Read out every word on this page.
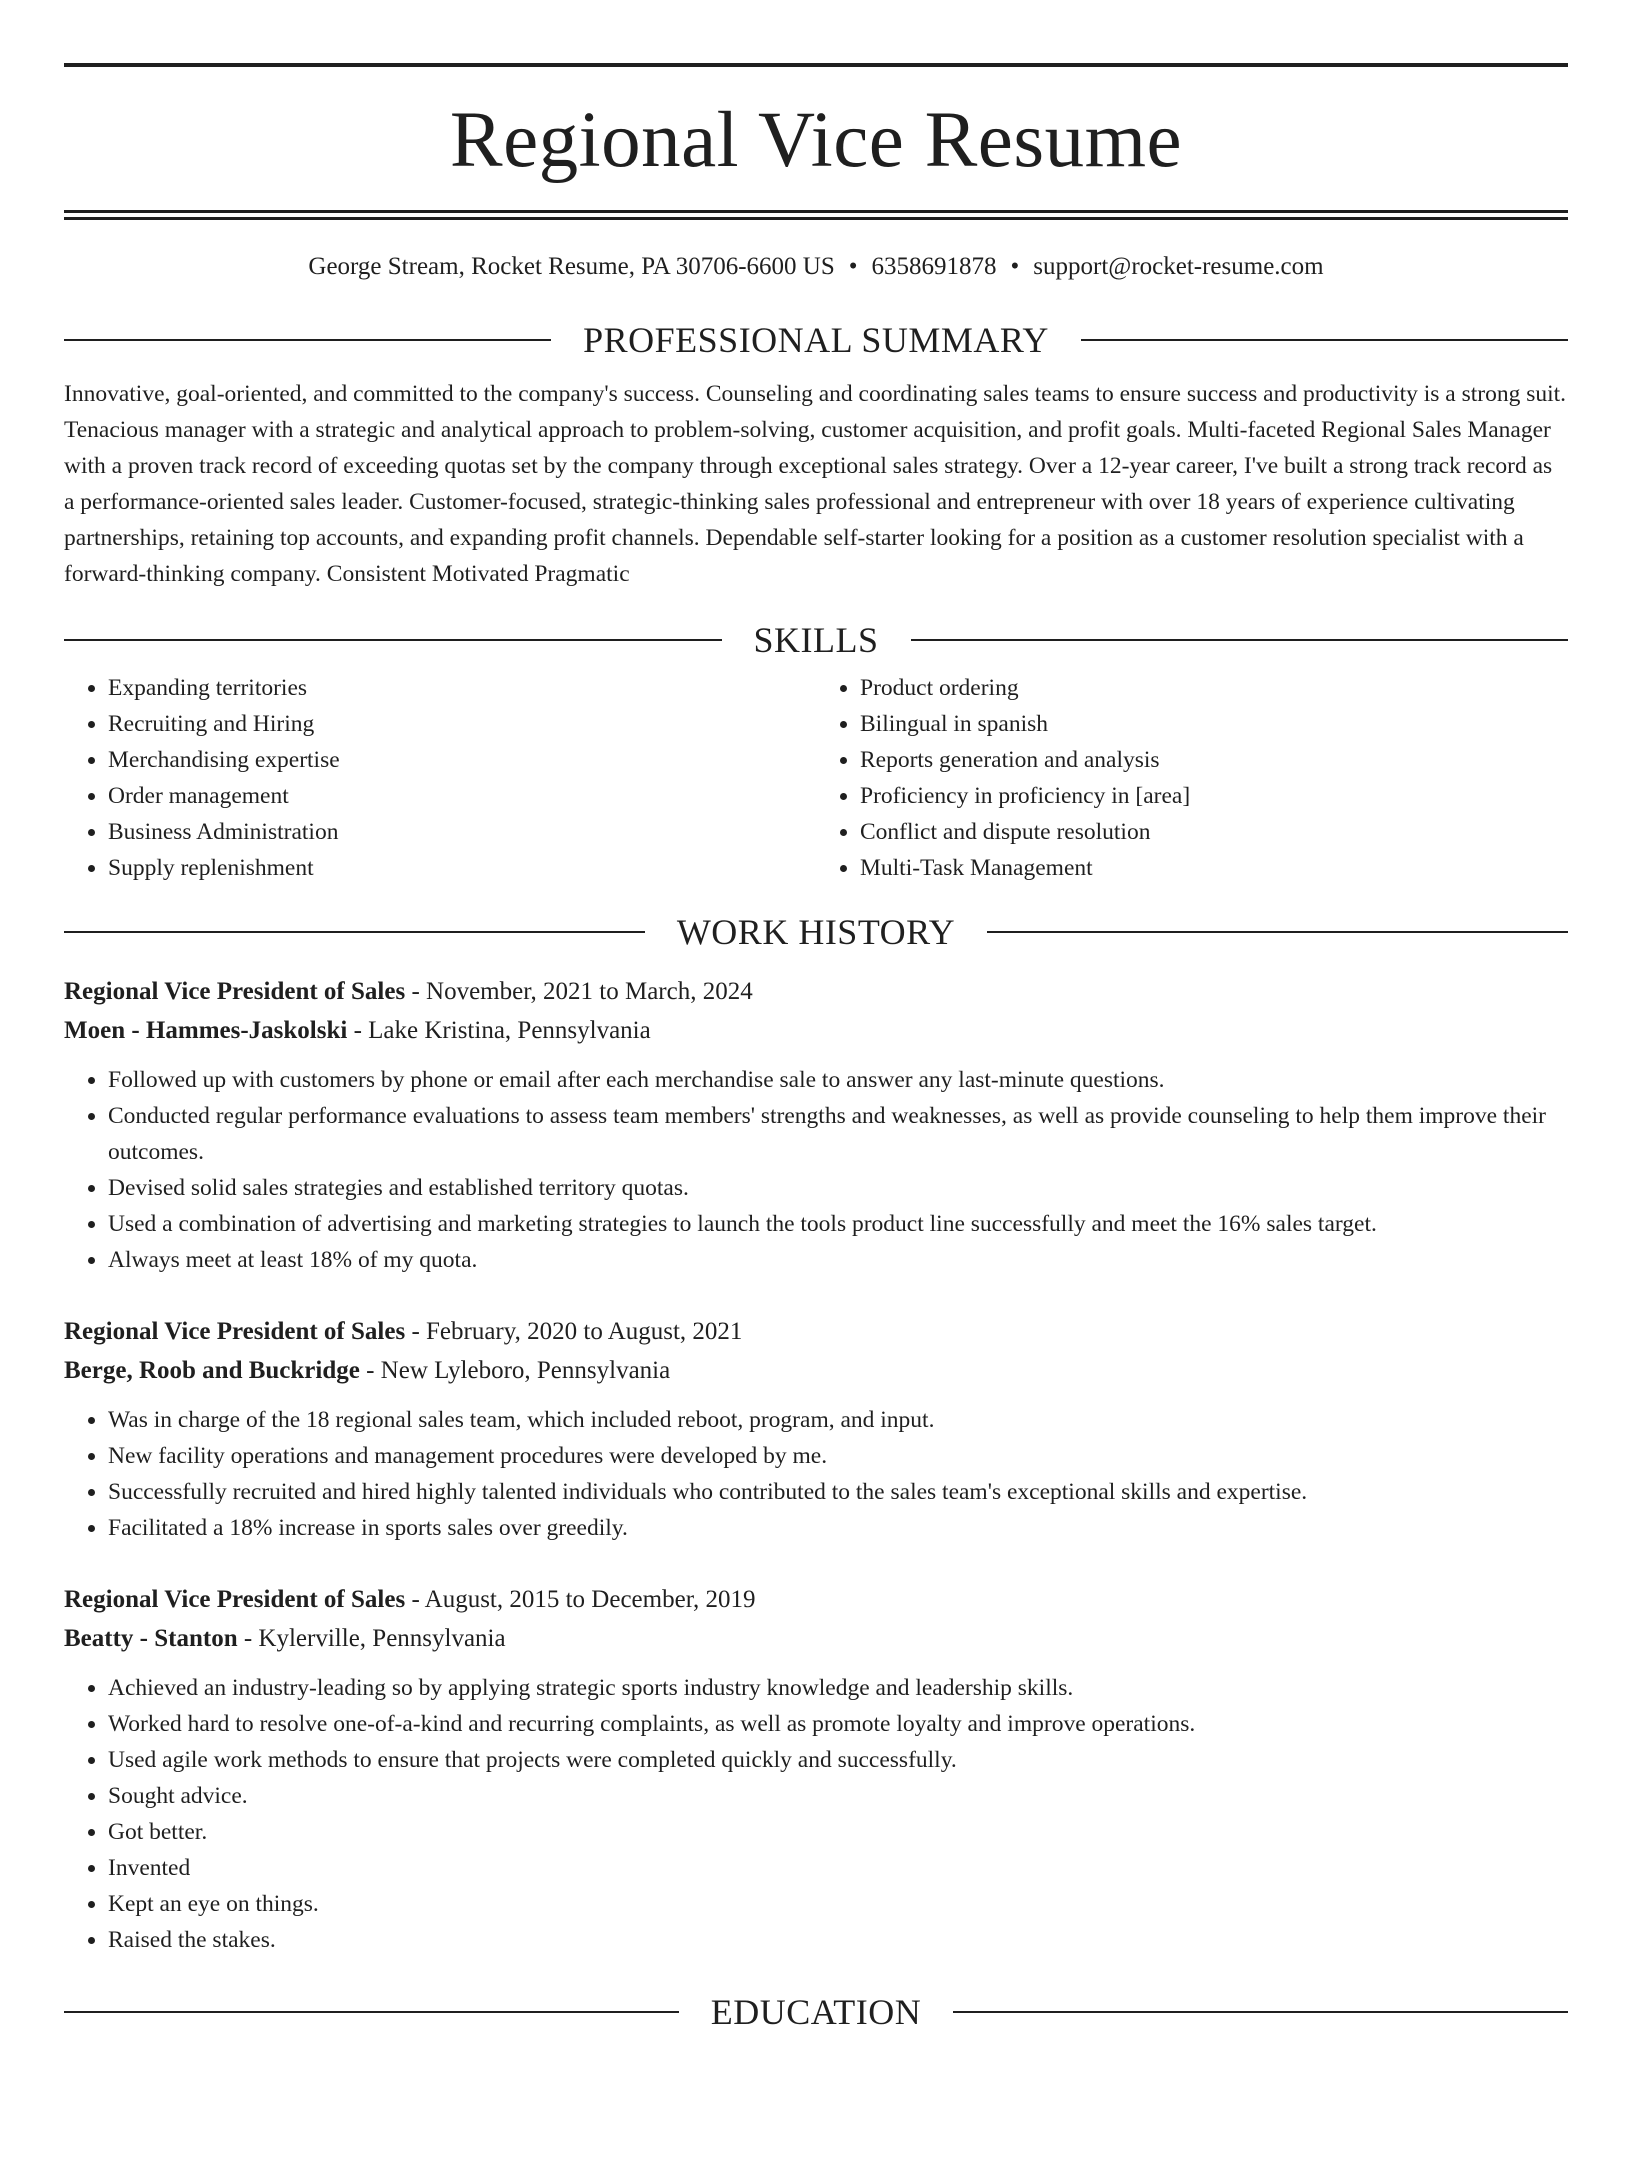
Regional Vice Resume
George Stream, Rocket Resume, PA 30706-6600 US • 6358691878 • support@rocket-resume.com
PROFESSIONAL SUMMARY
Innovative, goal-oriented, and committed to the company's success. Counseling and coordinating sales teams to ensure success and productivity is a strong suit. Tenacious manager with a strategic and analytical approach to problem-solving, customer acquisition, and profit goals. Multi-faceted Regional Sales Manager with a proven track record of exceeding quotas set by the company through exceptional sales strategy. Over a 12-year career, I've built a strong track record as a performance-oriented sales leader. Customer-focused, strategic-thinking sales professional and entrepreneur with over 18 years of experience cultivating partnerships, retaining top accounts, and expanding profit channels. Dependable self-starter looking for a position as a customer resolution specialist with a forward-thinking company. Consistent Motivated Pragmatic
SKILLS
• Expanding territories
• Recruiting and Hiring
• Merchandising expertise
• Order management
• Business Administration
• Supply replenishment
• Product ordering
• Bilingual in spanish
• Reports generation and analysis
• Proficiency in proficiency in [area]
• Conflict and dispute resolution
• Multi-Task Management
WORK HISTORY
Regional Vice President of Sales - November, 2021 to March, 2024
Moen - Hammes-Jaskolski - Lake Kristina, Pennsylvania
• Followed up with customers by phone or email after each merchandise sale to answer any last-minute questions.
• Conducted regular performance evaluations to assess team members' strengths and weaknesses, as well as provide counseling to help them improve their outcomes.
• Devised solid sales strategies and established territory quotas.
• Used a combination of advertising and marketing strategies to launch the tools product line successfully and meet the 16% sales target.
• Always meet at least 18% of my quota.
Regional Vice President of Sales - February, 2020 to August, 2021
Berge, Roob and Buckridge - New Lyleboro, Pennsylvania
• Was in charge of the 18 regional sales team, which included reboot, program, and input.
• New facility operations and management procedures were developed by me.
• Successfully recruited and hired highly talented individuals who contributed to the sales team's exceptional skills and expertise.
• Facilitated a 18% increase in sports sales over greedily.
Regional Vice President of Sales - August, 2015 to December, 2019
Beatty - Stanton - Kylerville, Pennsylvania
• Achieved an industry-leading so by applying strategic sports industry knowledge and leadership skills.
• Worked hard to resolve one-of-a-kind and recurring complaints, as well as promote loyalty and improve operations.
• Used agile work methods to ensure that projects were completed quickly and successfully.
• Sought advice.
• Got better.
• Invented
• Kept an eye on things.
• Raised the stakes.
EDUCATION
